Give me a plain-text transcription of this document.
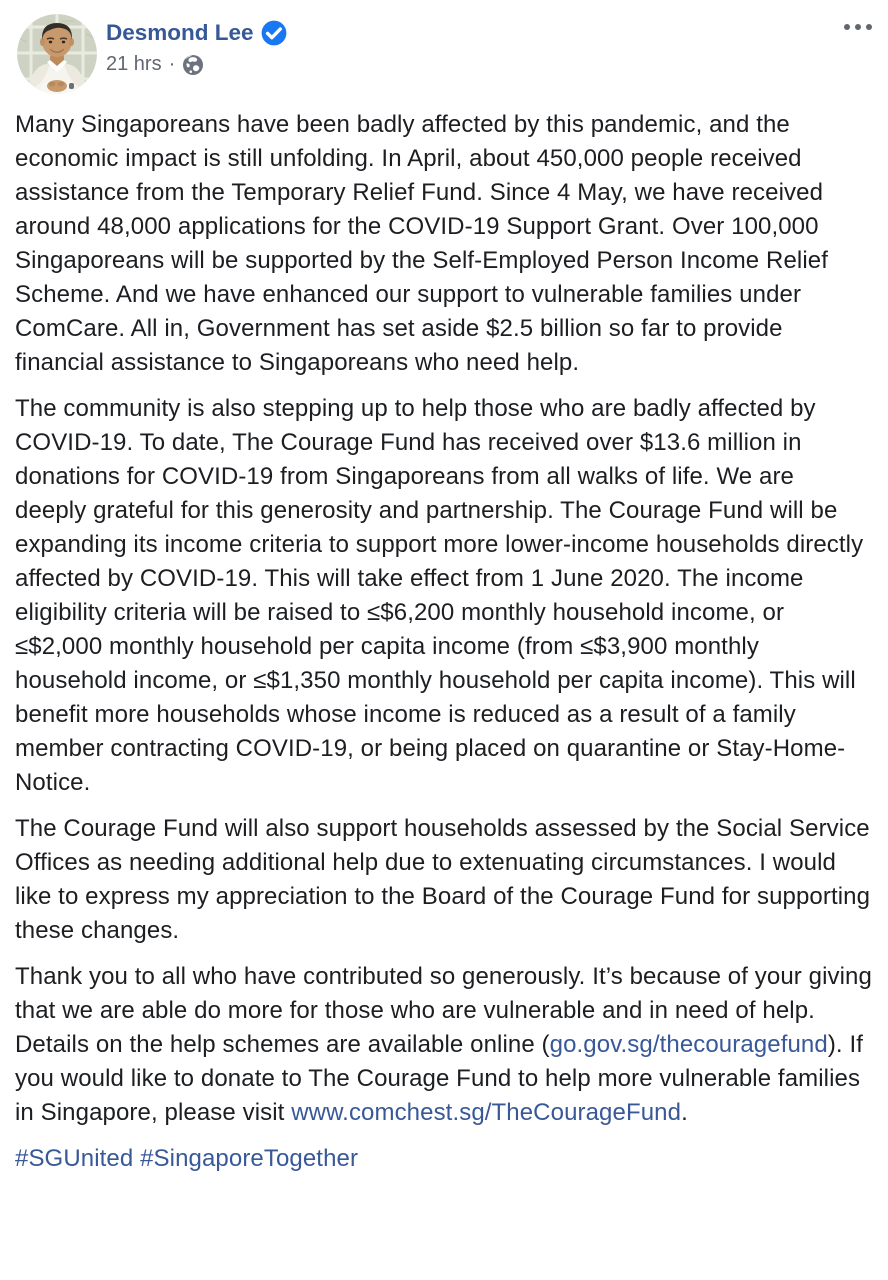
Desmond Lee
21 hrs ·

Many Singaporeans have been badly affected by this pandemic, and the economic impact is still unfolding. In April, about 450,000 people received assistance from the Temporary Relief Fund. Since 4 May, we have received around 48,000 applications for the COVID-19 Support Grant. Over 100,000 Singaporeans will be supported by the Self-Employed Person Income Relief Scheme. And we have enhanced our support to vulnerable families under ComCare. All in, Government has set aside $2.5 billion so far to provide financial assistance to Singaporeans who need help.

The community is also stepping up to help those who are badly affected by COVID-19. To date, The Courage Fund has received over $13.6 million in donations for COVID-19 from Singaporeans from all walks of life. We are deeply grateful for this generosity and partnership. The Courage Fund will be expanding its income criteria to support more lower-income households directly affected by COVID-19. This will take effect from 1 June 2020. The income eligibility criteria will be raised to ≤$6,200 monthly household income, or ≤$2,000 monthly household per capita income (from ≤$3,900 monthly household income, or ≤$1,350 monthly household per capita income). This will benefit more households whose income is reduced as a result of a family member contracting COVID-19, or being placed on quarantine or Stay-Home-Notice.

The Courage Fund will also support households assessed by the Social Service Offices as needing additional help due to extenuating circumstances. I would like to express my appreciation to the Board of the Courage Fund for supporting these changes.

Thank you to all who have contributed so generously. It’s because of your giving that we are able do more for those who are vulnerable and in need of help. Details on the help schemes are available online (go.gov.sg/thecouragefund). If you would like to donate to The Courage Fund to help more vulnerable families in Singapore, please visit www.comchest.sg/TheCourageFund.

#SGUnited #SingaporeTogether
